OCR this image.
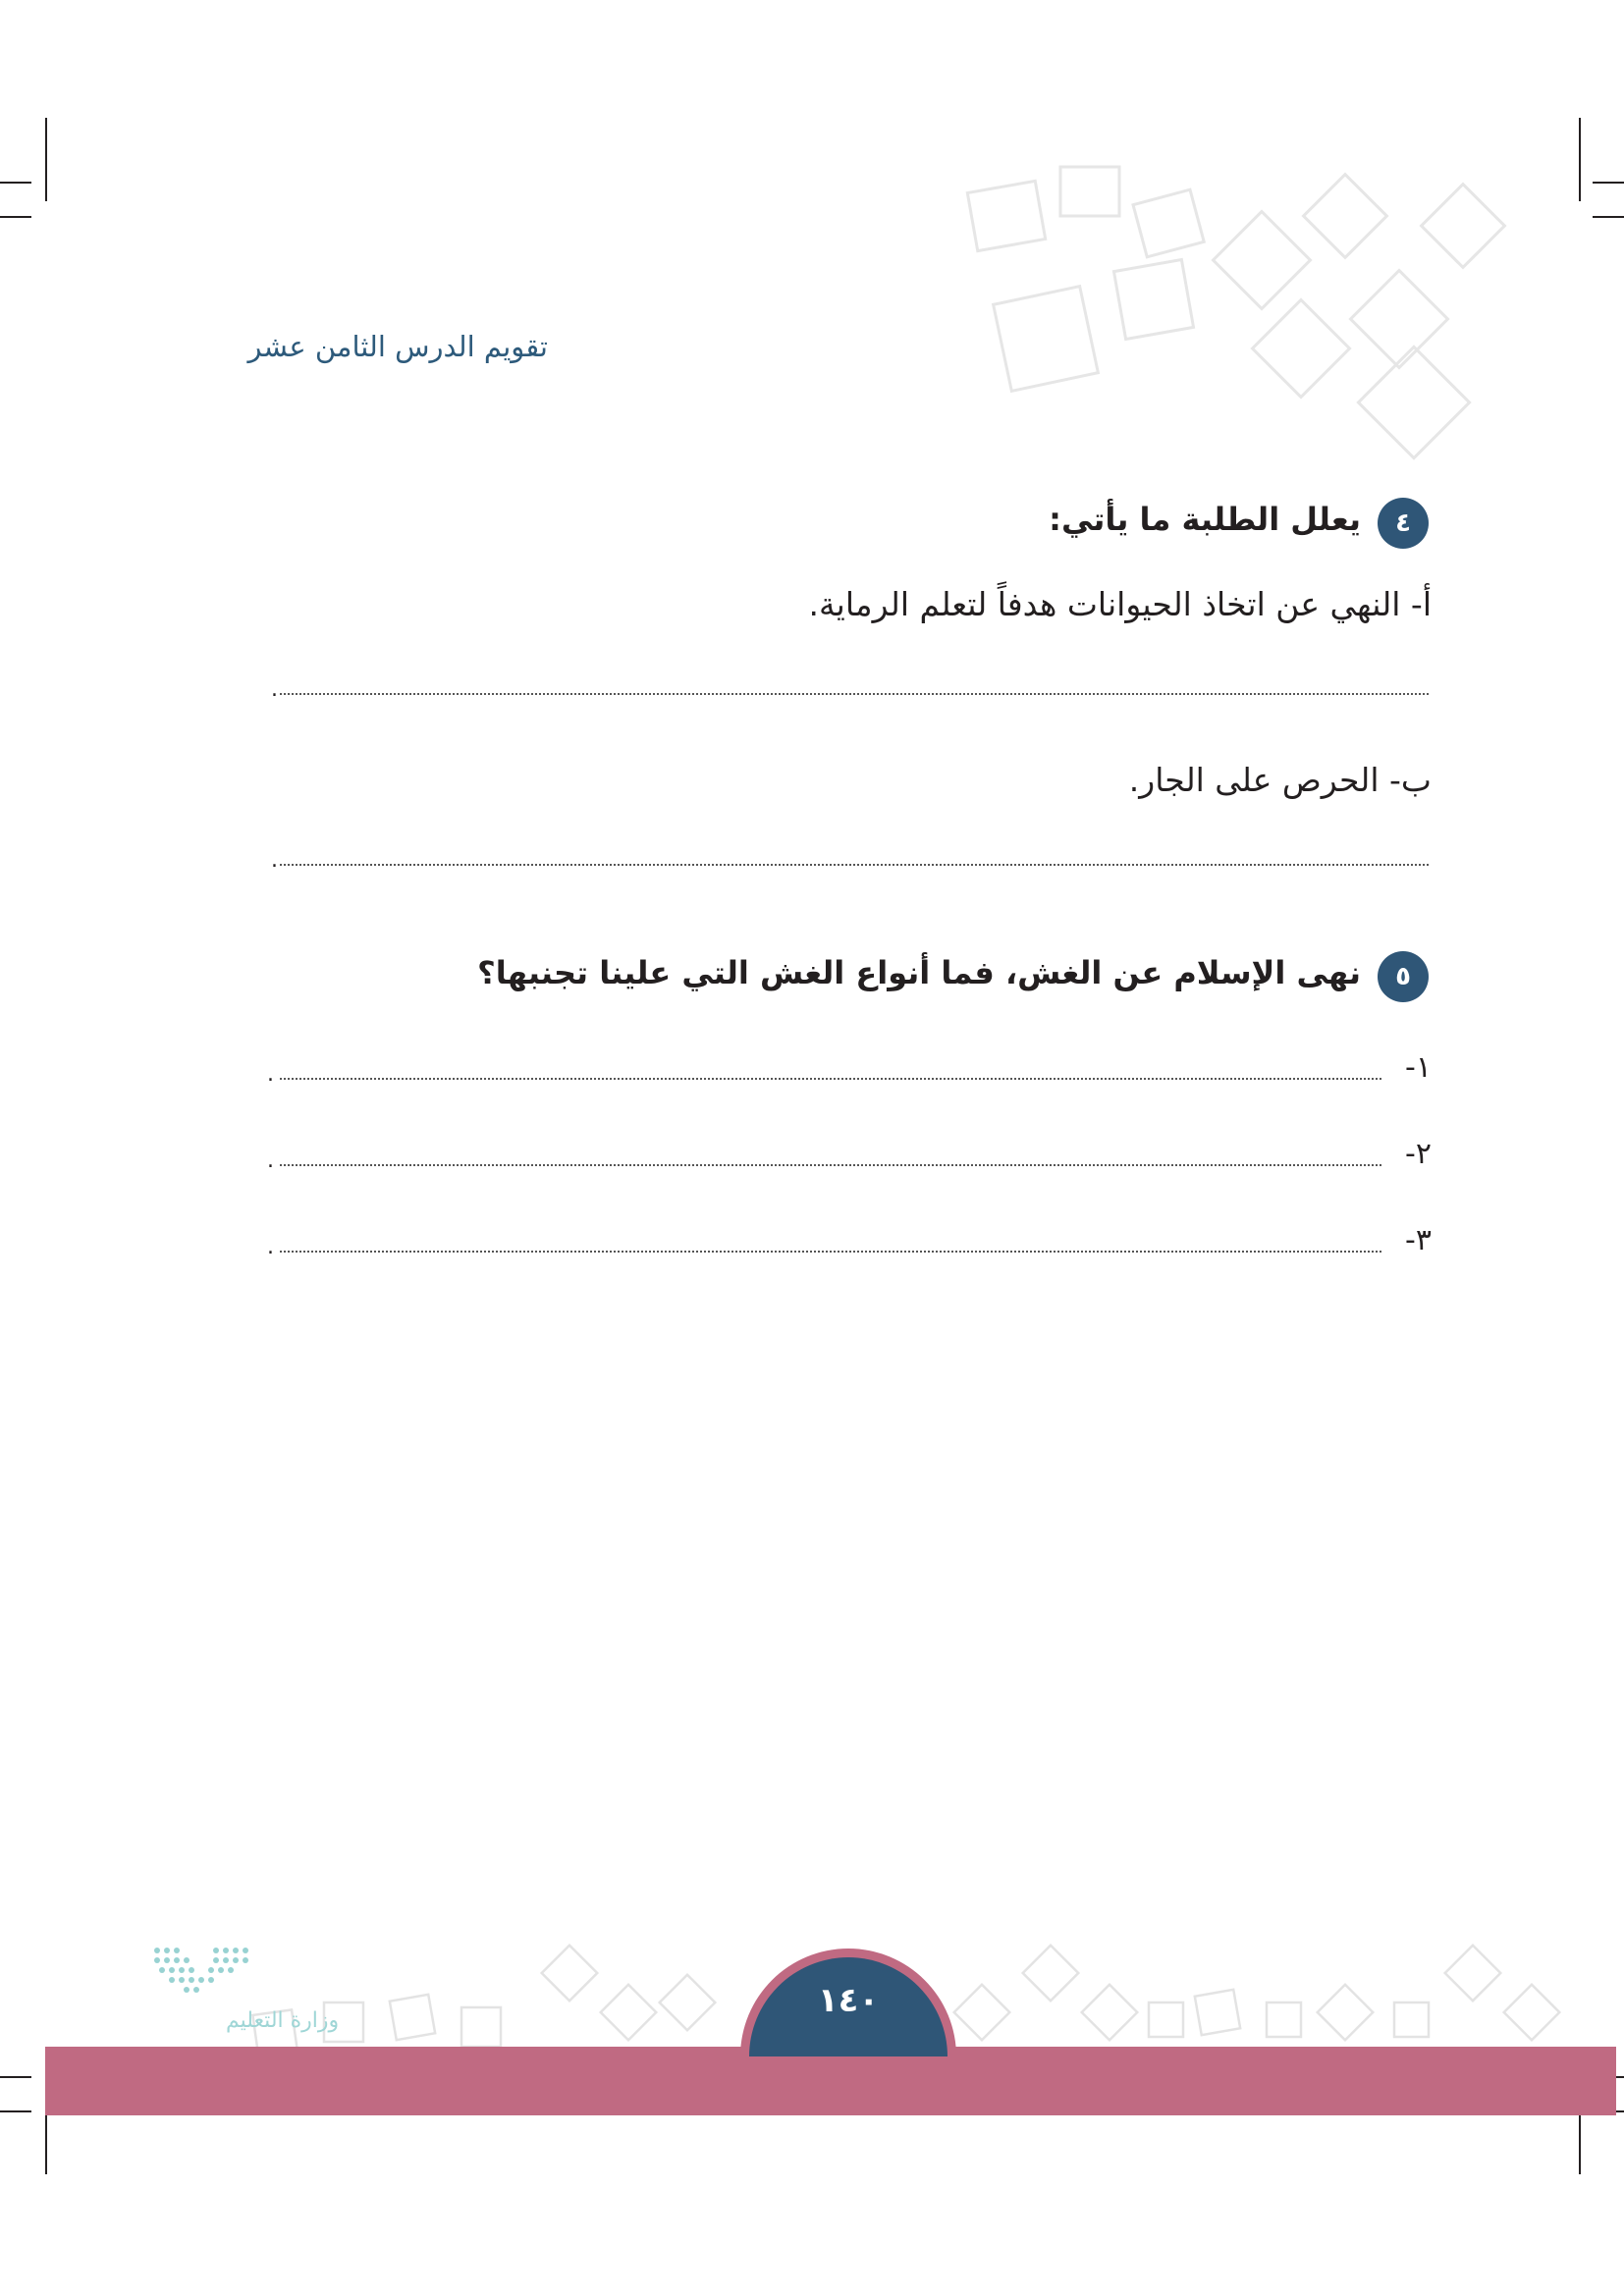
تقويم الدرس الثامن عشر
٤
يعلل الطلبة ما يأتي:
أ- النهي عن اتخاذ الحيوانات هدفاً لتعلم الرماية.
.
ب- الحرص على الجار.
.
٥
نهى الإسلام عن الغش، فما أنواع الغش التي علينا تجنبها؟
١-
.
٢-
.
٣-
.
١٤٠
وزارة التعليم
